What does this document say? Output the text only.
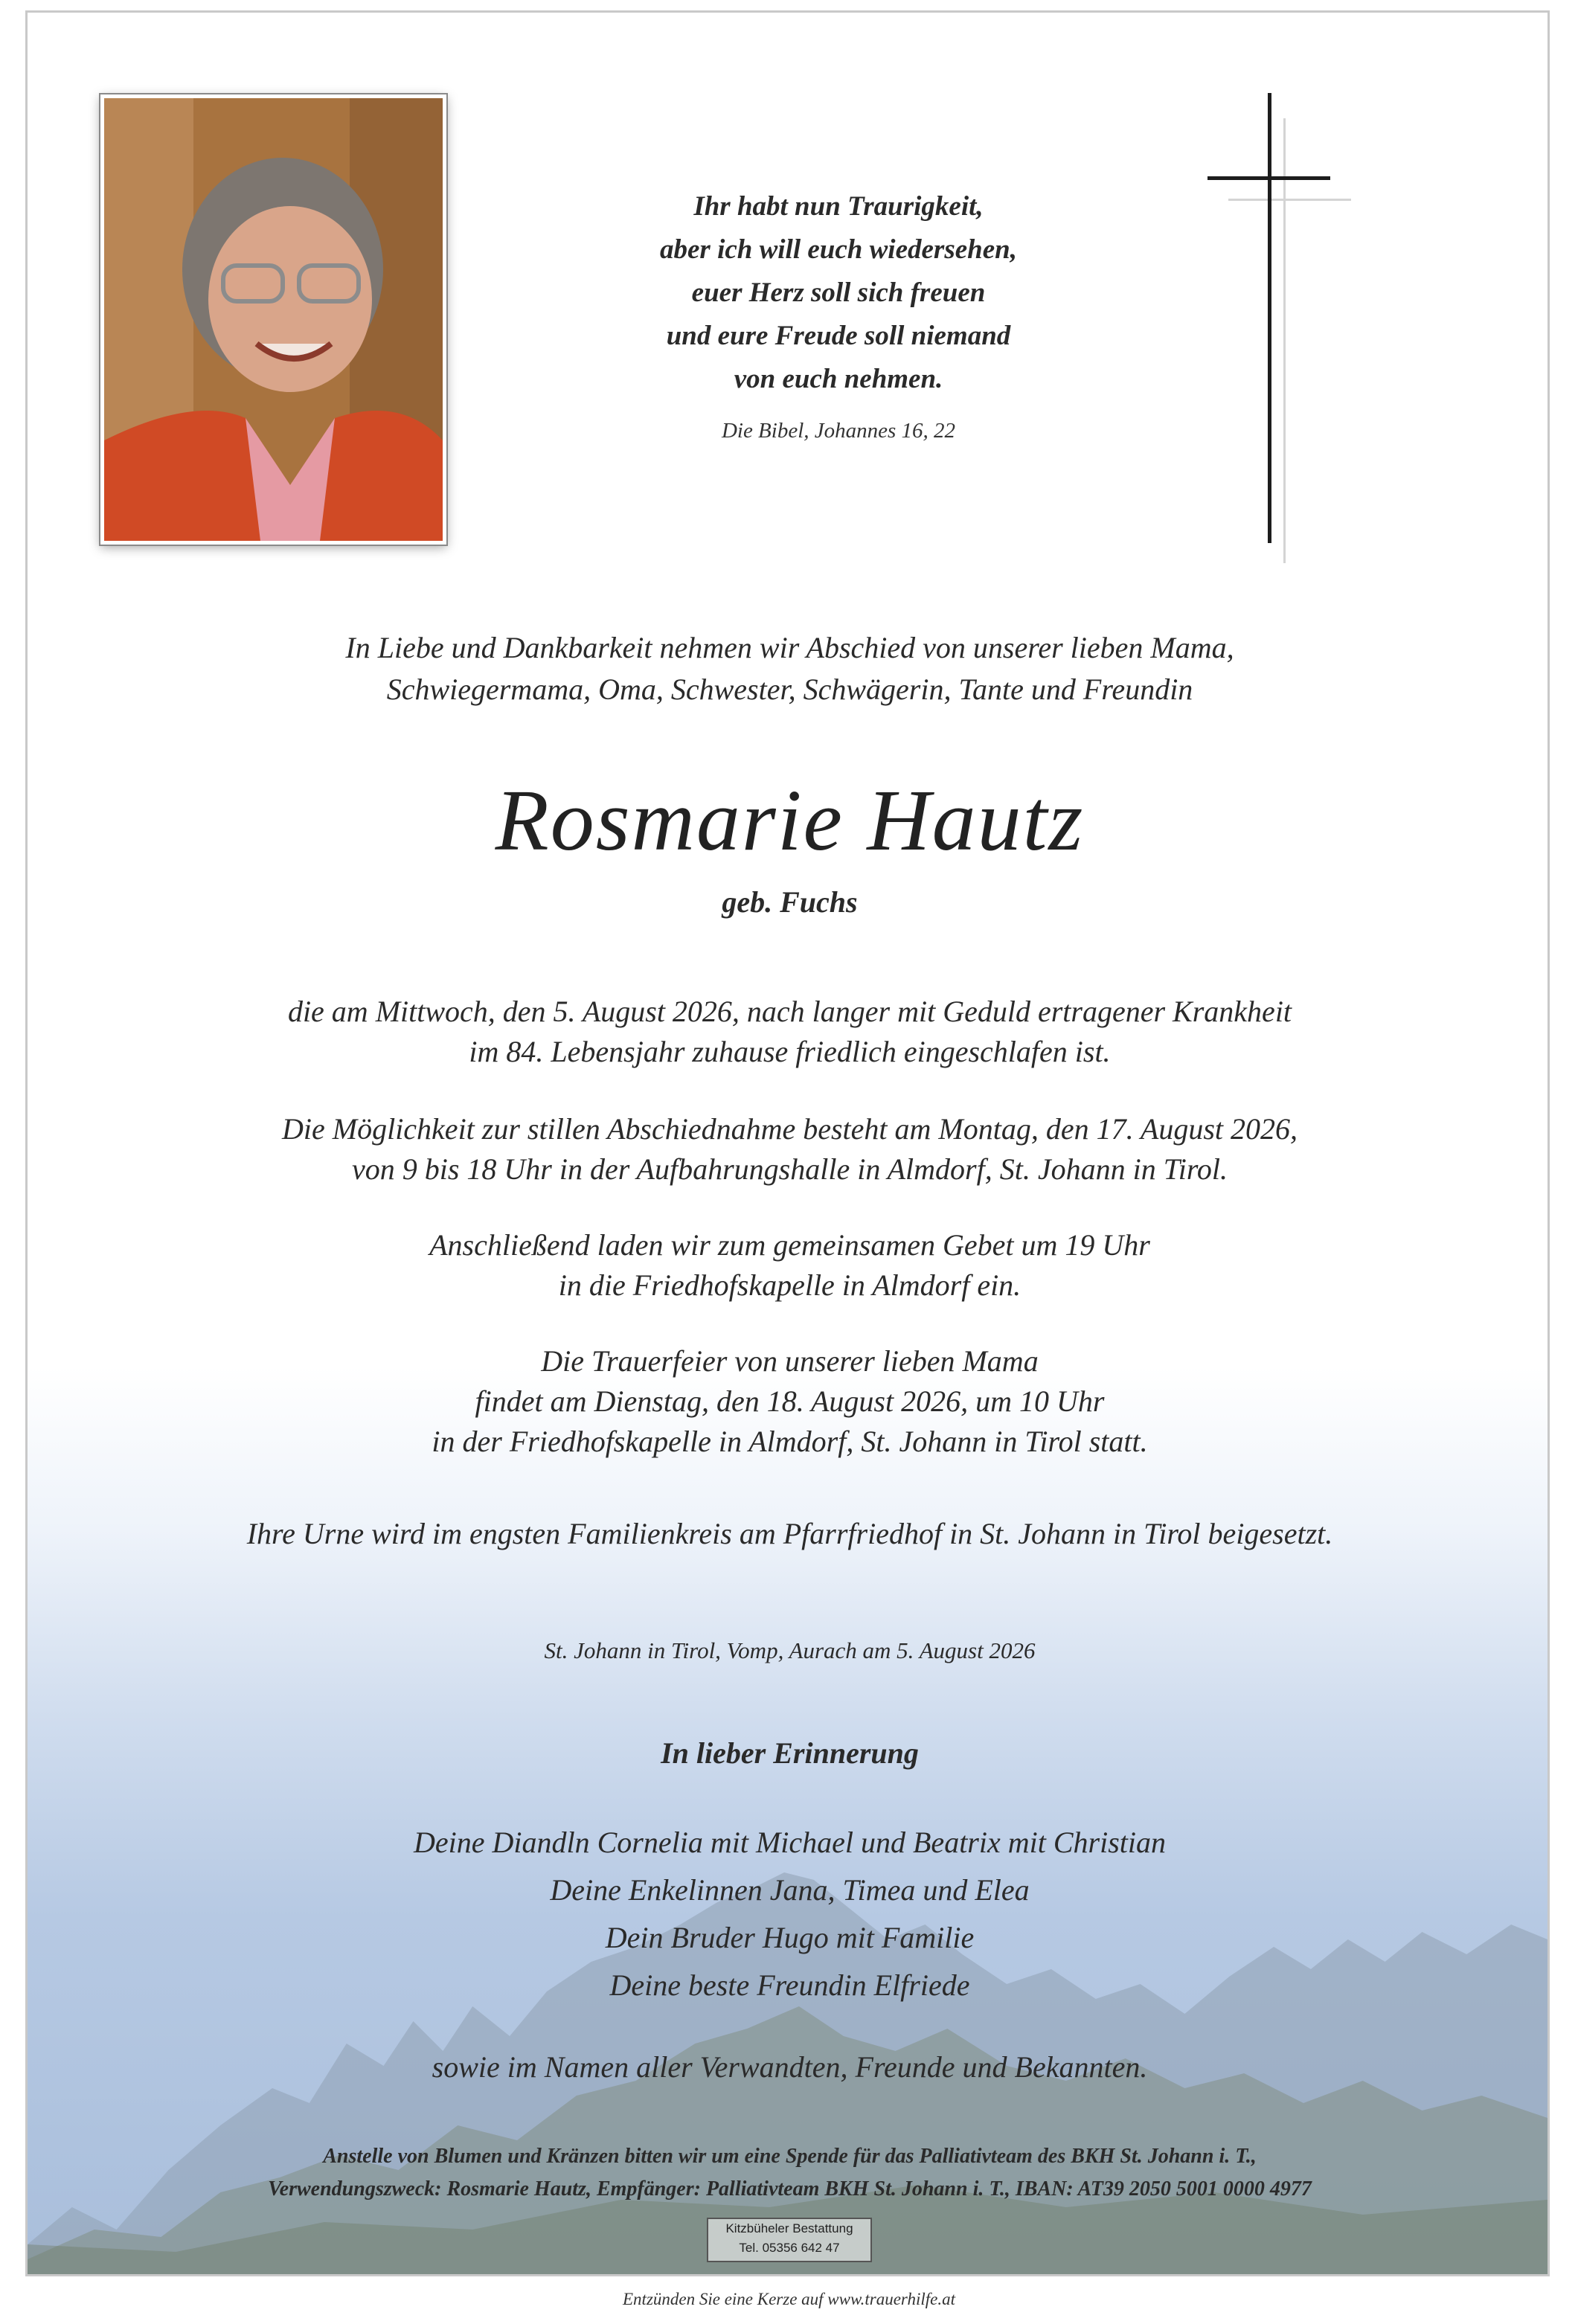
Ihr habt nun Traurigkeit,
aber ich will euch wiedersehen,
euer Herz soll sich freuen
und eure Freude soll niemand
von euch nehmen.
Die Bibel, Johannes 16, 22
In Liebe und Dankbarkeit nehmen wir Abschied von unserer lieben Mama,
Schwiegermama, Oma, Schwester, Schwägerin, Tante und Freundin
Rosmarie Hautz
geb. Fuchs
die am Mittwoch, den 5. August 2026, nach langer mit Geduld ertragener Krankheit
im 84. Lebensjahr zuhause friedlich eingeschlafen ist.
Die Möglichkeit zur stillen Abschiednahme besteht am Montag, den 17. August 2026,
von 9 bis 18 Uhr in der Aufbahrungshalle in Almdorf, St. Johann in Tirol.
Anschließend laden wir zum gemeinsamen Gebet um 19 Uhr
in die Friedhofskapelle in Almdorf ein.
Die Trauerfeier von unserer lieben Mama
findet am Dienstag, den 18. August 2026, um 10 Uhr
in der Friedhofskapelle in Almdorf, St. Johann in Tirol statt.
Ihre Urne wird im engsten Familienkreis am Pfarrfriedhof in St. Johann in Tirol beigesetzt.
St. Johann in Tirol, Vomp, Aurach am 5. August 2026
In lieber Erinnerung
Deine Diandln Cornelia mit Michael und Beatrix mit Christian
Deine Enkelinnen Jana, Timea und Elea
Dein Bruder Hugo mit Familie
Deine beste Freundin Elfriede
sowie im Namen aller Verwandten, Freunde und Bekannten.
Anstelle von Blumen und Kränzen bitten wir um eine Spende für das Palliativteam des BKH St. Johann i. T.,
Verwendungszweck: Rosmarie Hautz, Empfänger: Palliativteam BKH St. Johann i. T., IBAN: AT39 2050 5001 0000 4977
Kitzbüheler Bestattung
Tel. 05356 642 47
Entzünden Sie eine Kerze auf www.trauerhilfe.at
